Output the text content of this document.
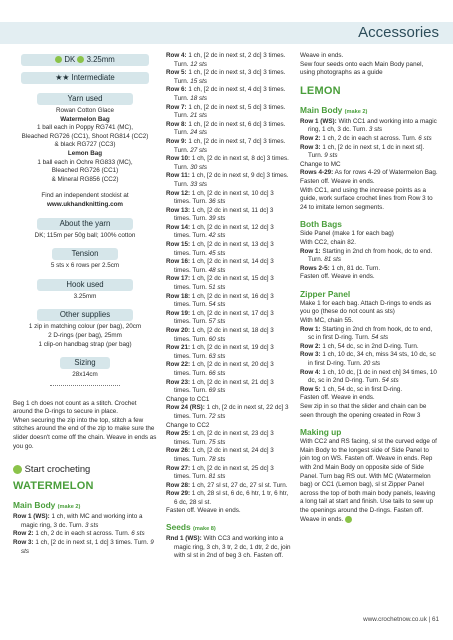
Accessories
DK  3.25mm
★★ Intermediate
Yarn used
Rowan Cotton Glace
Watermelon Bag
1 ball each in Poppy RG741 (MC),
Bleached RG726 (CC1), Shoot RG814 (CC2)
& black RG727 (CC3)
Lemon Bag
1 ball each in Ochre RG833 (MC),
Bleached RG726 (CC1)
& Mineral RG856 (CC2)
Find an independent stockist at
www.ukhandknitting.com
About the yarn
DK; 115m per 50g ball; 100% cotton
Tension
5 sts x 6 rows per 2.5cm
Hook used
3.25mm
Other supplies
1 zip in matching colour (per bag), 20cm
2 D-rings (per bag), 25mm
1 clip-on handbag strap (per bag)
Sizing
28x14cm
Beg 1 ch does not count as a stitch. Crochet around the D-rings to secure in place.
When securing the zip into the top, stitch a few stitches around the end of the zip to make sure the slider doesn't come off the chain. Weave in ends as you go.
Start crocheting
WATERMELON
Main Body (make 2)
Row 1 (WS): 1 ch, with MC and working into a magic ring, 3 dc. Turn. 3 sts
Row 2: 1 ch, 2 dc in each st across. Turn. 6 sts
Row 3: 1 ch, [2 dc in next st, 1 dc] 3 times. Turn. 9 sts
Row 4: 1 ch, [2 dc in next st, 2 dc] 3 times. Turn. 12 sts
Row 5: 1 ch, [2 dc in next st, 3 dc] 3 times. Turn. 15 sts
Row 6: 1 ch, [2 dc in next st, 4 dc] 3 times. Turn. 18 sts
Row 7: 1 ch, [2 dc in next st, 5 dc] 3 times. Turn. 21 sts
Row 8: 1 ch, [2 dc in next st, 6 dc] 3 times. Turn. 24 sts
Row 9: 1 ch, [2 dc in next st, 7 dc] 3 times. Turn. 27 sts
Row 10: 1 ch, [2 dc in next st, 8 dc] 3 times. Turn. 30 sts
Row 11: 1 ch, [2 dc in next st, 9 dc] 3 times. Turn. 33 sts
Row 12: 1 ch, [2 dc in next st, 10 dc] 3 times. Turn. 36 sts
Row 13: 1 ch, [2 dc in next st, 11 dc] 3 times. Turn. 39 sts
Row 14: 1 ch, [2 dc in next st, 12 dc] 3 times. Turn. 42 sts
Row 15: 1 ch, [2 dc in next st, 13 dc] 3 times. Turn. 45 sts
Row 16: 1 ch, [2 dc in next st, 14 dc] 3 times. Turn. 48 sts
Row 17: 1 ch, [2 dc in next st, 15 dc] 3 times. Turn. 51 sts
Row 18: 1 ch, [2 dc in next st, 16 dc] 3 times. Turn. 54 sts
Row 19: 1 ch, [2 dc in next st, 17 dc] 3 times. Turn. 57 sts
Row 20: 1 ch, [2 dc in next st, 18 dc] 3 times. Turn. 60 sts
Row 21: 1 ch, [2 dc in next st, 19 dc] 3 times. Turn. 63 sts
Row 22: 1 ch, [2 dc in next st, 20 dc] 3 times. Turn. 66 sts
Row 23: 1 ch, [2 dc in next st, 21 dc] 3 times. Turn. 69 sts
Change to CC1
Row 24 (RS): 1 ch, [2 dc in next st, 22 dc] 3 times. Turn. 72 sts
Change to CC2
Row 25: 1 ch, [2 dc in next st, 23 dc] 3 times. Turn. 75 sts
Row 26: 1 ch, [2 dc in next st, 24 dc] 3 times. Turn. 78 sts
Row 27: 1 ch, [2 dc in next st, 25 dc] 3 times. Turn. 81 sts
Row 28: 1 ch, 27 sl st, 27 dc, 27 sl st. Turn.
Row 29: 1 ch, 28 sl st, 6 dc, 6 htr, 1 tr, 6 htr, 6 dc, 28 sl st.
Fasten off. Weave in ends.
Seeds (make 8)
Rnd 1 (WS): With CC3 and working into a magic ring, 3 ch, 3 tr, 2 dc, 1 dtr, 2 dc, join with sl st in 2nd of beg 3 ch. Fasten off.
Weave in ends.
Sew four seeds onto each Main Body panel, using photographs as a guide
LEMON
Main Body (make 2)
Row 1 (WS): With CC1 and working into a magic ring, 1 ch, 3 dc. Turn. 3 sts
Row 2: 1 ch, 2 dc in each st across. Turn. 6 sts
Row 3: 1 ch, [2 dc in next st, 1 dc in next st]. Turn. 9 sts
Change to MC
Rows 4-29: As for rows 4-29 of Watermelon Bag.
Fasten off. Weave in ends.
With CC1, and using the increase points as a guide, work surface crochet lines from Row 3 to 24 to imitate lemon segments.
Both Bags
Side Panel (make 1 for each bag)
With CC2, chain 82.
Row 1: Starting in 2nd ch from hook, dc to end. Turn. 81 sts
Rows 2-5: 1 ch, 81 dc. Turn.
Fasten off. Weave in ends.
Zipper Panel
Make 1 for each bag. Attach D-rings to ends as you go (these do not count as sts)
With MC, chain 55.
Row 1: Starting in 2nd ch from hook, dc to end, sc in first D-ring. Turn. 54 sts
Row 2: 1 ch, 54 dc, sc in 2nd D-ring. Turn.
Row 3: 1 ch, 10 dc, 34 ch, miss 34 sts, 10 dc, sc in first D-ring. Turn. 20 sts
Row 4: 1 ch, 10 dc, [1 dc in next ch] 34 times, 10 dc, sc in 2nd D-ring. Turn. 54 sts
Row 5: 1 ch, 54 dc, sc in first D-ring.
Fasten off. Weave in ends.
Sew zip in so that the slider and chain can be seen through the opening created in Row 3
Making up
With CC2 and RS facing, sl st the curved edge of Main Body to the longest side of Side Panel to join tog on WS. Fasten off. Weave in ends. Rep with 2nd Main Body on opposite side of Side Panel. Turn bag RS out. With MC (Watermelon bag) or CC1 (Lemon bag), sl st Zipper Panel across the top of both main body panels, leaving a long tail at start and finish. Use tails to sew up the openings around the D-rings. Fasten off. Weave in ends.
www.crochetnow.co.uk | 61
